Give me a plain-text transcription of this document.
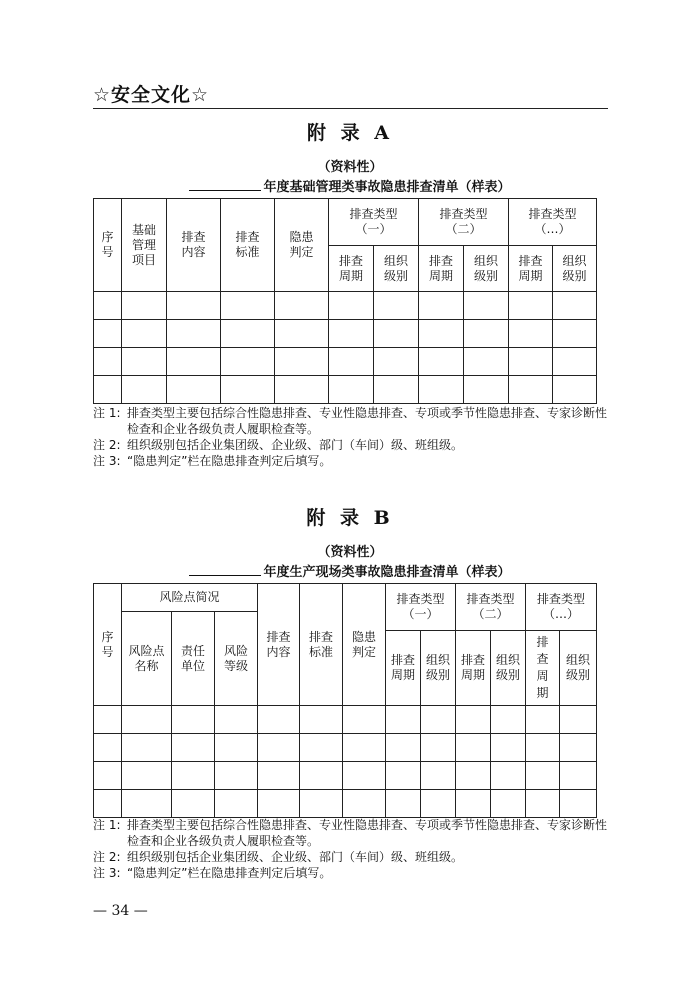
☆安全文化☆
附 录 A
（资料性）
年度基础管理类事故隐患排查清单（样表）
序号	基础管理项目	排查内容	排查标准	隐患判定	排查类型（一）		排查类型（二）		排查类型（…）	

					排查周期	组织级别	排查周期	组织级别	排查周期	组织级别

注 1: 排查类型主要包括综合性隐患排查、专业性隐患排查、专项或季节性隐患排查、专家诊断性检查和企业各级负责人履职检查等。
注 2: 组织级别包括企业集团级、企业级、部门（车间）级、班组级。
注 3: “隐患判定”栏在隐患排查判定后填写。
附 录 B
（资料性）
年度生产现场类事故隐患排查清单（样表）
序号	风险点简况			排查内容	排查标准	隐患判定	排查类型（一）		排查类型（二）		排查类型（…）	

	风险点名称	责任单位	风险等级									

							排查周期	组织级别	排查周期	组织级别	排查周期	组织级别

注 1: 排查类型主要包括综合性隐患排查、专业性隐患排查、专项或季节性隐患排查、专家诊断性检查和企业各级负责人履职检查等。
注 2: 组织级别包括企业集团级、企业级、部门（车间）级、班组级。
注 3: “隐患判定”栏在隐患排查判定后填写。
— 34 —
